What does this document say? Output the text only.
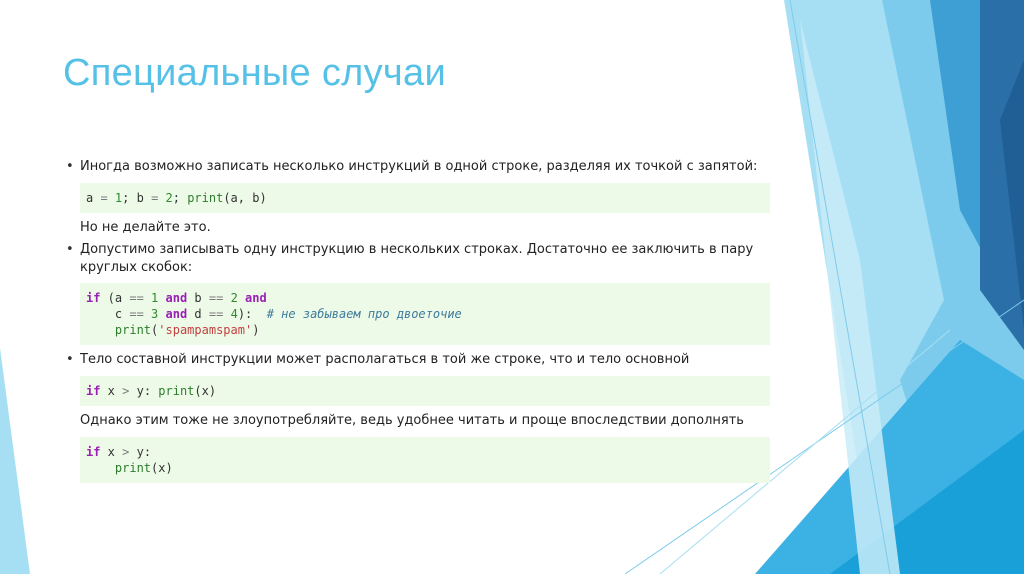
Специальные случаи

• Иногда возможно записать несколько инструкций в одной строке, разделяя их точкой с запятой:

a = 1; b = 2; print(a, b)

Но не делайте это.

• Допустимо записывать одну инструкцию в нескольких строках. Достаточно ее заключить в пару круглых скобок:

if (a == 1 and b == 2 and
c == 3 and d == 4):  # не забываем про двоеточие
print('spampamspam')

• Тело составной инструкции может располагаться в той же строке, что и тело основной

if x > y: print(x)

Однако этим тоже не злоупотребляйте, ведь удобнее читать и проще впоследствии дополнять

if x > y:
print(x)
